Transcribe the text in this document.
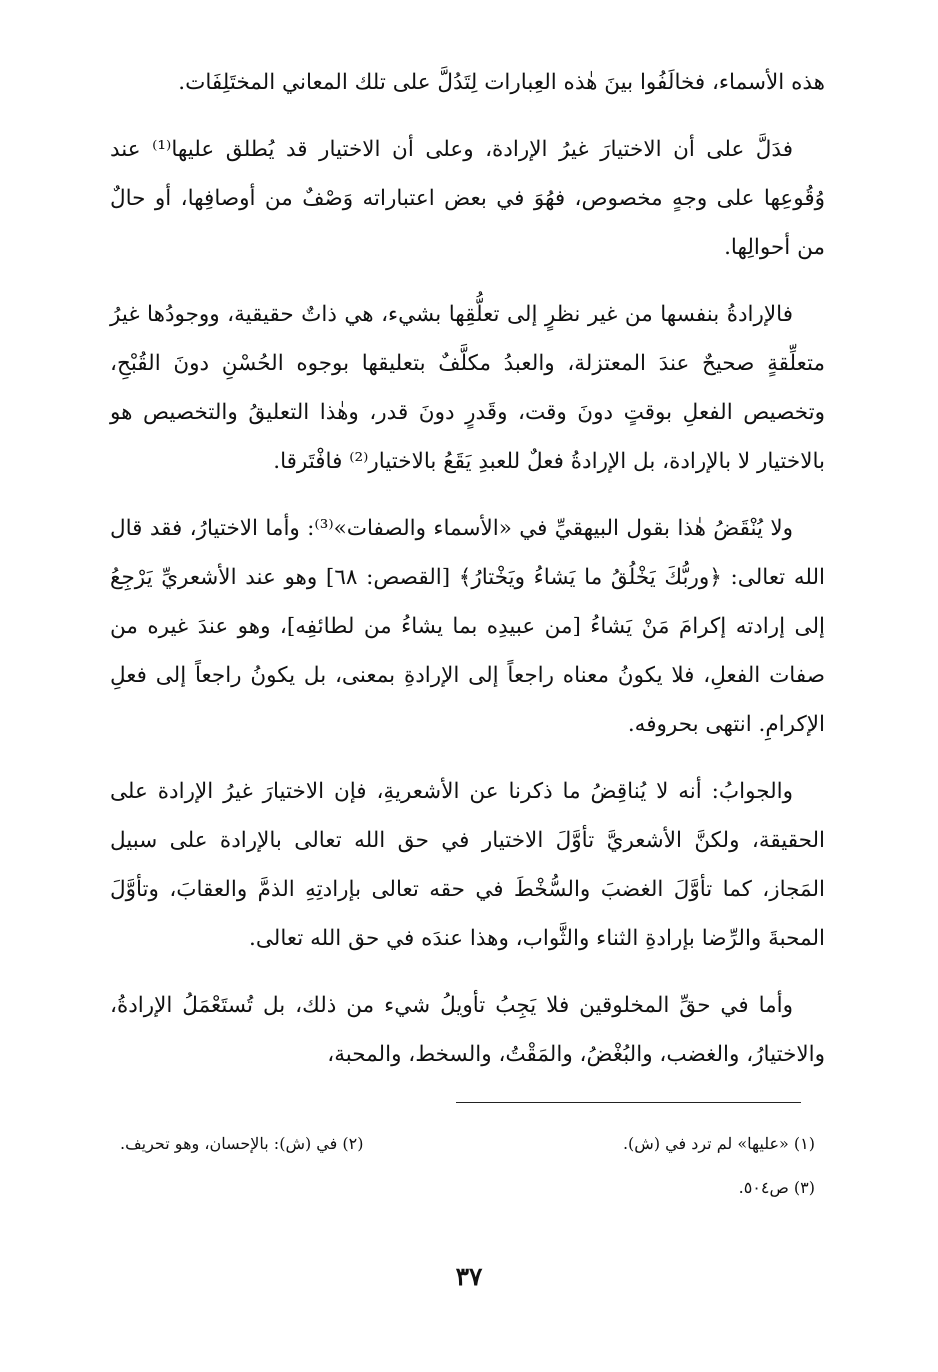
هذه الأسماء، فخالَفُوا بينَ هٰذه العِبارات لِتَدُلَّ على تلك المعاني المختَلِفَات.

فدَلَّ على أن الاختيارَ غيرُ الإرادة، وعلى أن الاختيار قد يُطلق عليها⁽¹⁾ عند وُقُوعِها على وجهٍ مخصوص، فهُوَ في بعض اعتباراته وَصْفٌ من أوصافِها، أو حالٌ من أحوالِها.

فالإرادةُ بنفسها من غير نظرٍ إلى تعلُّقِها بشيء، هي ذاتٌ حقيقية، ووجودُها غيرُ متعلِّقةٍ صحيحٌ عندَ المعتزلة، والعبدُ مكلَّفٌ بتعليقها بوجوه الحُسْنِ دونَ القُبْحِ، وتخصيص الفعلِ بوقتٍ دونَ وقت، وقَدرٍ دونَ قدر، وهٰذا التعليقُ والتخصيص هو بالاختيار لا بالإرادة، بل الإرادةُ فعلٌ للعبدِ يَقَعُ بالاختيار⁽²⁾ فافْتَرقا.

ولا يُنْقَضُ هٰذا بقول البيهقيِّ في «الأسماء والصفات»⁽³⁾: وأما الاختيارُ، فقد قال الله تعالى: ﴿وربُّكَ يَخْلُقُ ما يَشاءُ ويَخْتارُ﴾ [القصص: ٦٨] وهو عند الأشعريِّ يَرْجِعُ إلى إرادته إكرامَ مَنْ يَشاءُ [من عبيدِه بما يشاءُ من لطائفِه]، وهو عندَ غيره من صفات الفعلِ، فلا يكونُ معناه راجعاً إلى الإرادةِ بمعنى، بل يكونُ راجعاً إلى فعلِ الإكرامِ. انتهى بحروفه.

والجوابُ: أنه لا يُناقِضُ ما ذكرنا عن الأشعريةِ، فإن الاختيارَ غيرُ الإرادة على الحقيقة، ولكنَّ الأشعريَّ تأوَّلَ الاختيار في حق الله تعالى بالإرادة على سبيل المَجاز، كما تأوَّلَ الغضبَ والسُّخْطَ في حقه تعالى بإرادتِهِ الذمَّ والعقابَ، وتأوَّلَ المحبةَ والرِّضا بإرادةِ الثناء والثَّواب، وهذا عندَه في حق الله تعالى.

وأما في حقِّ المخلوقين فلا يَجِبُ تأويلُ شيء من ذلك، بل تُستَعْمَلُ الإرادةُ، والاختيارُ، والغضب، والبُغْضُ، والمَقْتُ، والسخط، والمحبة،

(١) «عليها» لم ترد في (ش).
(٢) في (ش): بالإحسان، وهو تحريف.
(٣) ص٥٠٤.
٣٧
